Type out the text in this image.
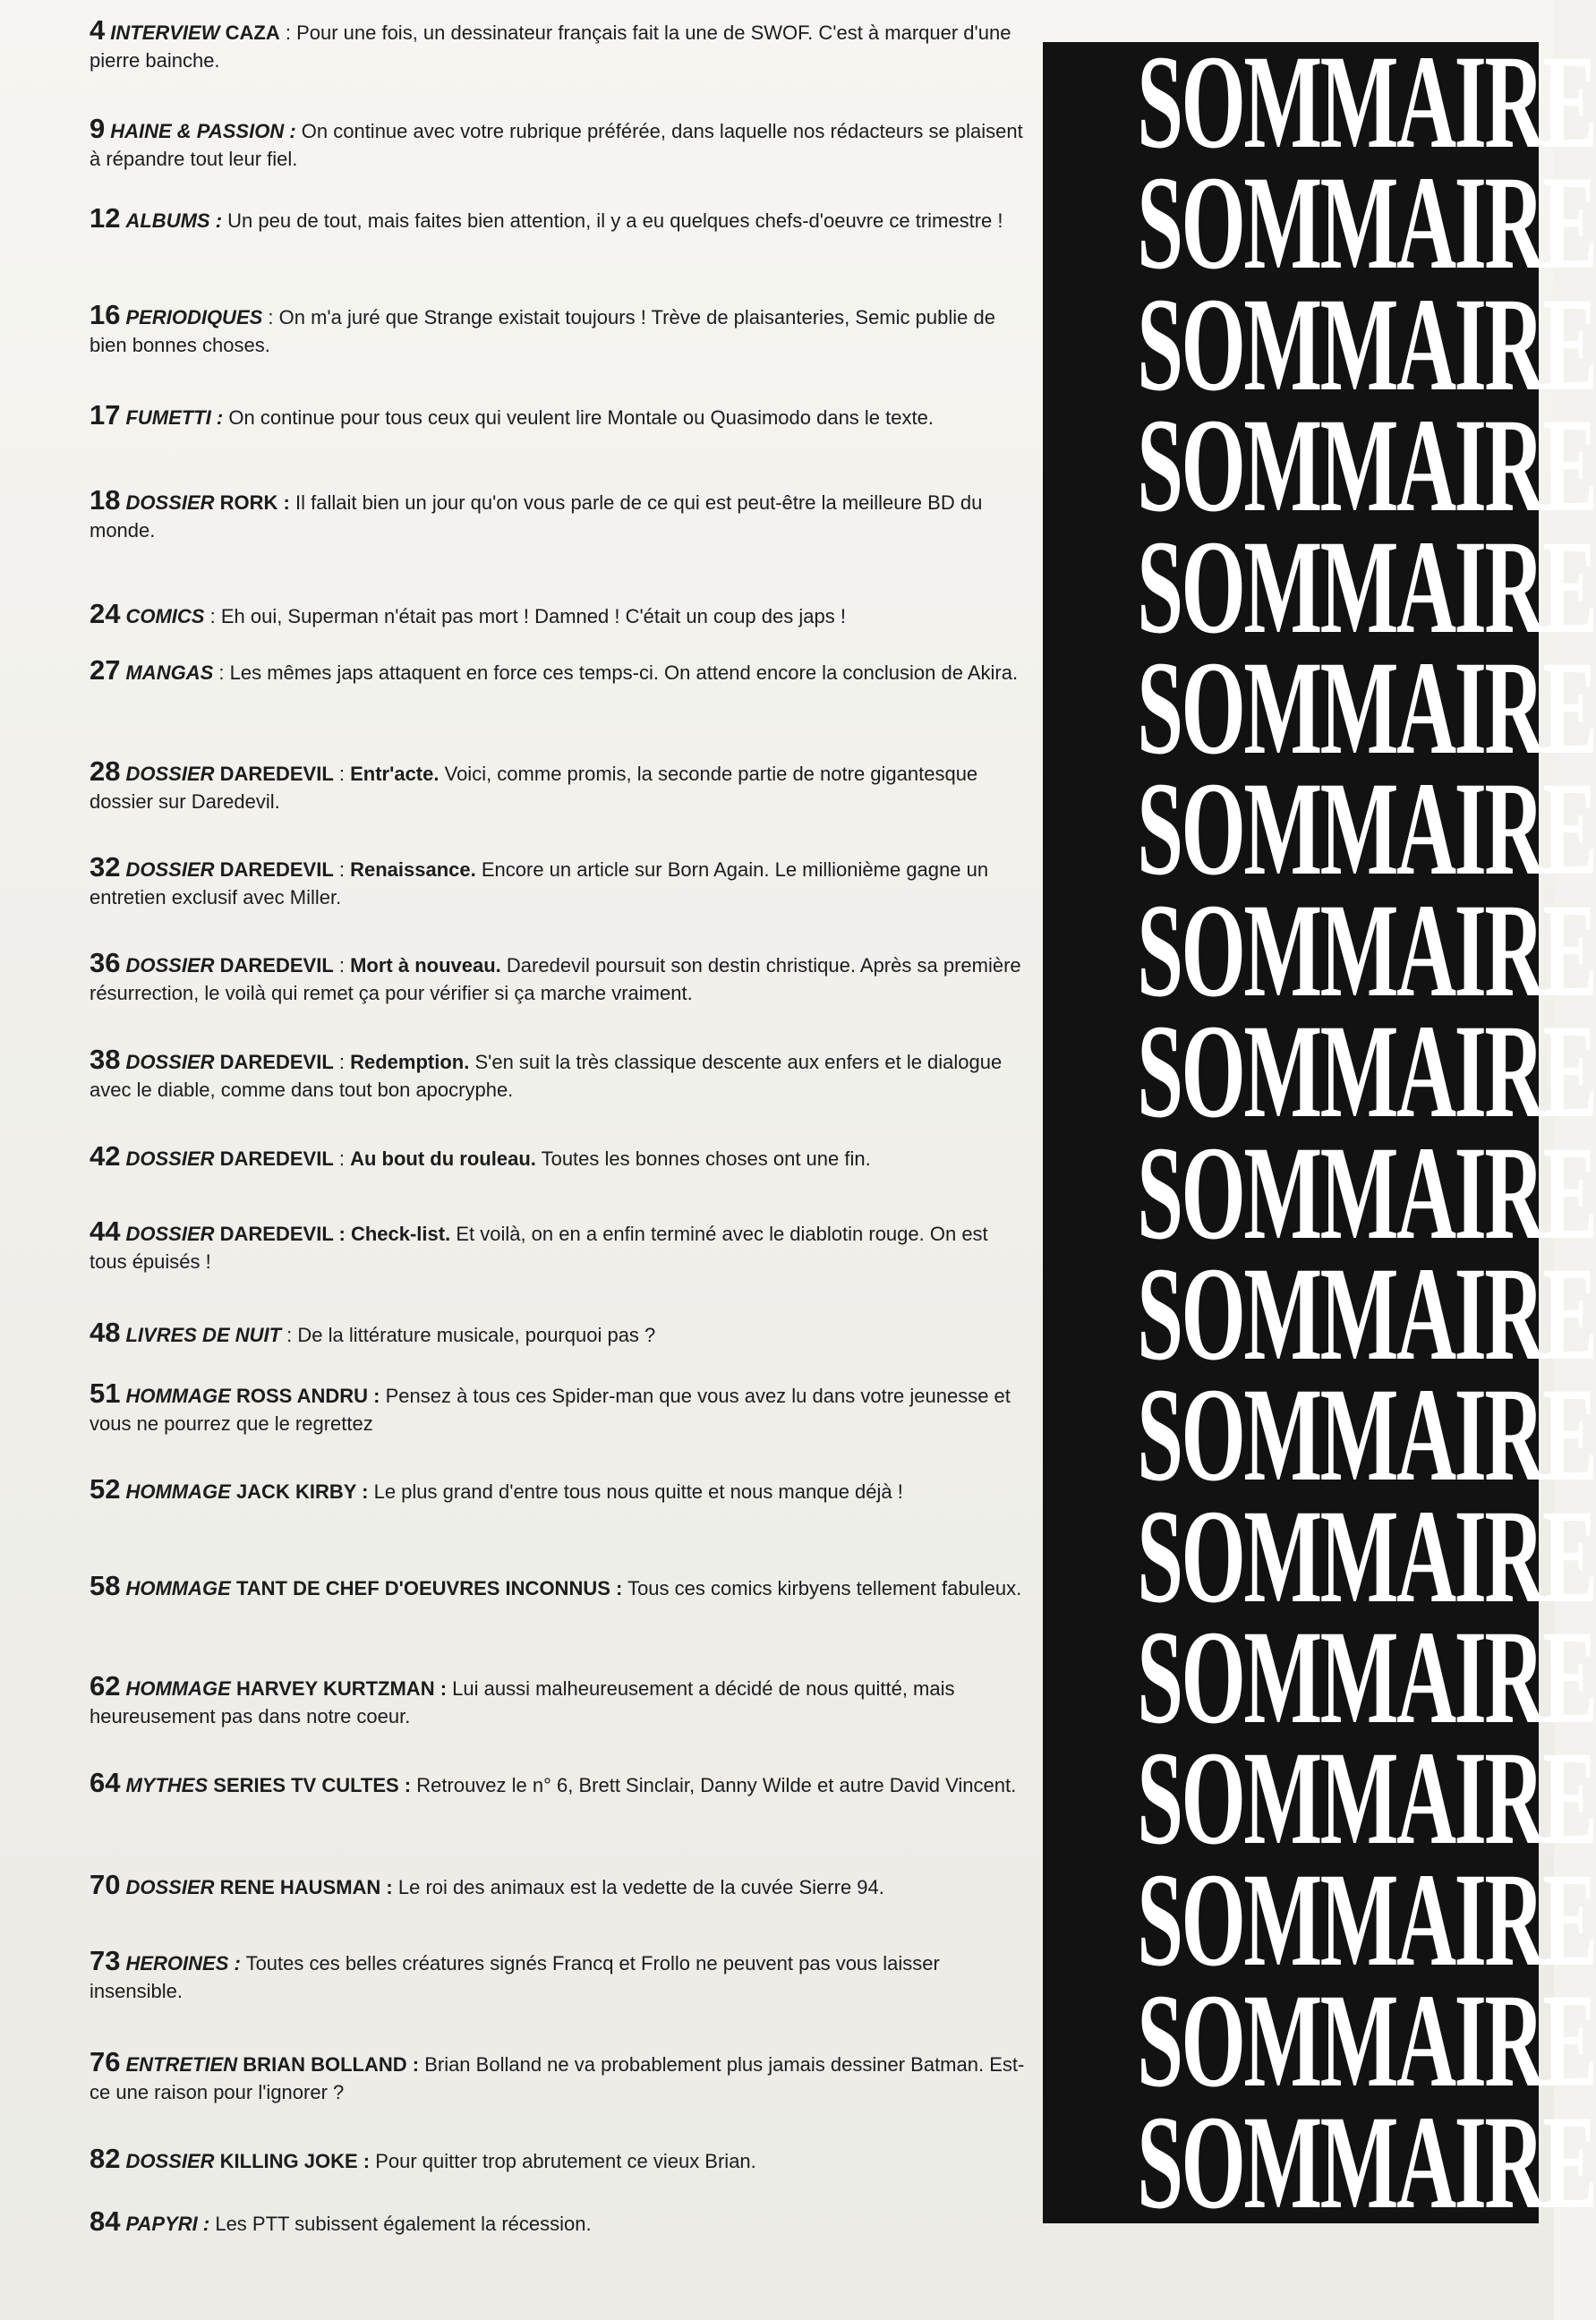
4 INTERVIEW CAZA : Pour une fois, un dessinateur français fait la une de SWOF. C'est à marquer d'une pierre bainche.
9 HAINE & PASSION : On continue avec votre rubrique préférée, dans laquelle nos rédacteurs se plaisent à répandre tout leur fiel.
12 ALBUMS : Un peu de tout, mais faites bien attention, il y a eu quelques chefs-d'oeuvre ce trimestre !
16 PERIODIQUES : On m'a juré que Strange existait toujours ! Trève de plaisanteries, Semic publie de bien bonnes choses.
17 FUMETTI : On continue pour tous ceux qui veulent lire Montale ou Quasimodo dans le texte.
18 DOSSIER RORK : Il fallait bien un jour qu'on vous parle de ce qui est peut-être la meilleure BD du monde.
24 COMICS : Eh oui, Superman n'était pas mort ! Damned ! C'était un coup des japs !
27 MANGAS : Les mêmes japs attaquent en force ces temps-ci. On attend encore la conclusion de Akira.
28 DOSSIER DAREDEVIL : Entr'acte. Voici, comme promis, la seconde partie de notre gigantesque dossier sur Daredevil.
32 DOSSIER DAREDEVIL : Renaissance. Encore un article sur Born Again. Le millionième gagne un entretien exclusif avec Miller.
36 DOSSIER DAREDEVIL : Mort à nouveau. Daredevil poursuit son destin christique. Après sa première résurrection, le voilà qui remet ça pour vérifier si ça marche vraiment.
38 DOSSIER DAREDEVIL : Redemption. S'en suit la très classique descente aux enfers et le dialogue avec le diable, comme dans tout bon apocryphe.
42 DOSSIER DAREDEVIL : Au bout du rouleau. Toutes les bonnes choses ont une fin.
44 DOSSIER DAREDEVIL : Check-list. Et voilà, on en a enfin terminé avec le diablotin rouge. On est tous épuisés !
48 LIVRES DE NUIT : De la littérature musicale, pourquoi pas ?
51 HOMMAGE ROSS ANDRU : Pensez à tous ces Spider-man que vous avez lu dans votre jeunesse et vous ne pourrez que le regrettez
52 HOMMAGE JACK KIRBY : Le plus grand d'entre tous nous quitte et nous manque déjà !
58 HOMMAGE TANT DE CHEF D'OEUVRES INCONNUS : Tous ces comics kirbyens tellement fabuleux.
62 HOMMAGE HARVEY KURTZMAN : Lui aussi malheureusement a décidé de nous quitté, mais heureusement pas dans notre coeur.
64 MYTHES SERIES TV CULTES : Retrouvez le n° 6, Brett Sinclair, Danny Wilde et autre David Vincent.
70 DOSSIER RENE HAUSMAN : Le roi des animaux est la vedette de la cuvée Sierre 94.
73 HEROINES : Toutes ces belles créatures signés Francq et Frollo ne peuvent pas vous laisser insensible.
76 ENTRETIEN BRIAN BOLLAND : Brian Bolland ne va probablement plus jamais dessiner Batman. Est-ce une raison pour l'ignorer ?
82 DOSSIER KILLING JOKE : Pour quitter trop abrutement ce vieux Brian.
84 PAPYRI : Les PTT subissent également la récession.
SOMMAIRE
SOMMAIRE
SOMMAIRE
SOMMAIRE
SOMMAIRE
SOMMAIRE
SOMMAIRE
SOMMAIRE
SOMMAIRE
SOMMAIRE
SOMMAIRE
SOMMAIRE
SOMMAIRE
SOMMAIRE
SOMMAIRE
SOMMAIRE
SOMMAIRE
SOMMAIRE
